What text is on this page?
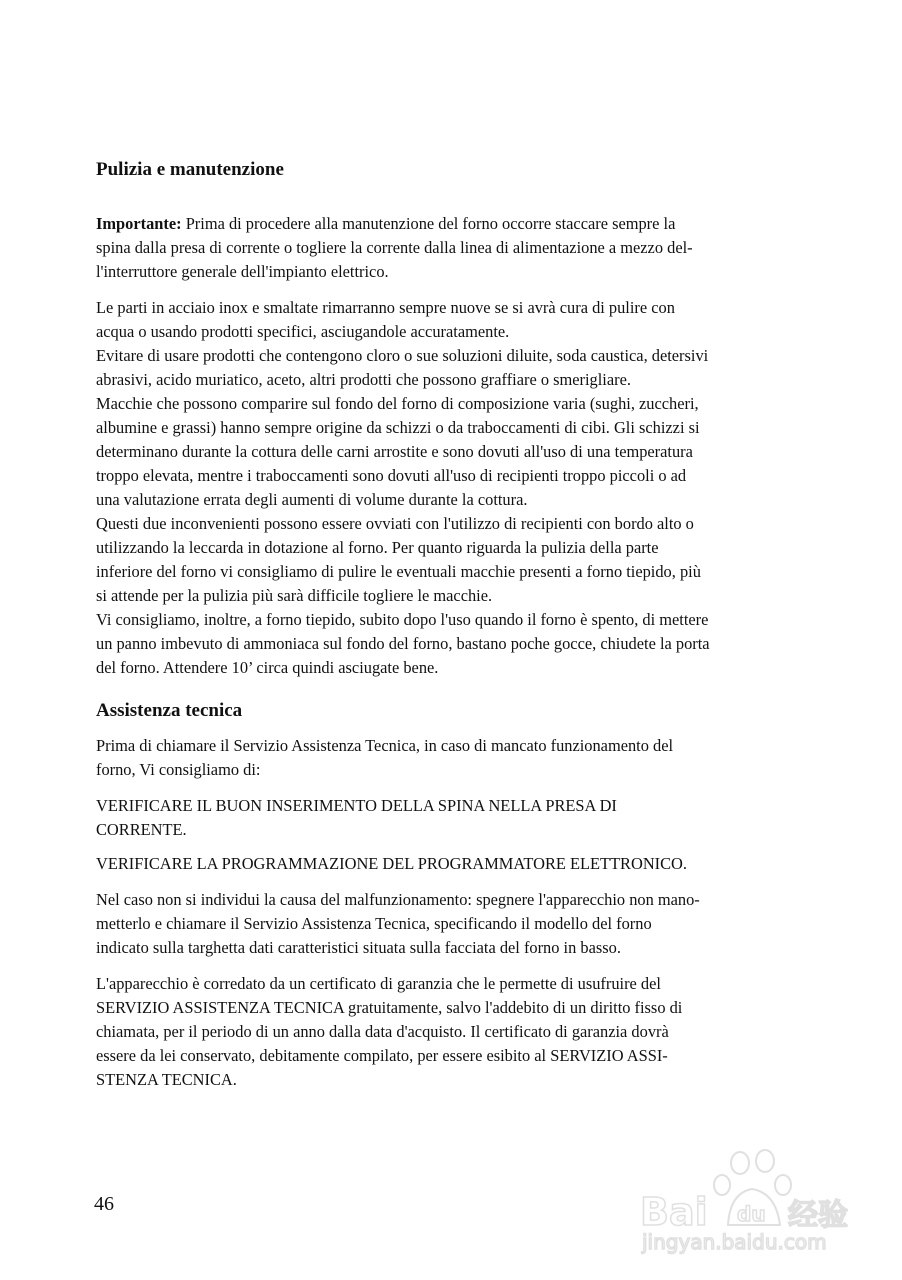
Pulizia e manutenzione
Importante: Prima di procedere alla manutenzione del forno occorre staccare sempre la
spina dalla presa di corrente o togliere la corrente dalla linea di alimentazione a mezzo del-
l'interruttore generale dell'impianto elettrico.
Le parti in acciaio inox e smaltate rimarranno sempre nuove se si avrà cura di pulire con
acqua o usando prodotti specifici, asciugandole accuratamente.
Evitare di usare prodotti che contengono cloro o sue soluzioni diluite, soda caustica, detersivi
abrasivi, acido muriatico, aceto, altri prodotti che possono graffiare o smerigliare.
Macchie che possono comparire sul fondo del forno di composizione varia (sughi, zuccheri,
albumine e grassi) hanno sempre origine da schizzi o da traboccamenti di cibi. Gli schizzi si
determinano durante la cottura delle carni arrostite e sono dovuti all'uso di una temperatura
troppo elevata, mentre i traboccamenti sono dovuti all'uso di recipienti troppo piccoli o ad
una valutazione errata degli aumenti di volume durante la cottura.
Questi due inconvenienti possono essere ovviati con l'utilizzo di recipienti con bordo alto o
utilizzando la leccarda in dotazione al forno. Per quanto riguarda la pulizia della parte
inferiore del forno vi consigliamo di pulire le eventuali macchie presenti a forno tiepido, più
si attende per la pulizia più sarà difficile togliere le macchie.
Vi consigliamo, inoltre, a forno tiepido, subito dopo l'uso quando il forno è spento, di mettere
un panno imbevuto di ammoniaca sul fondo del forno, bastano poche gocce, chiudete la porta
del forno. Attendere 10’ circa quindi asciugate bene.
Assistenza tecnica
Prima di chiamare il Servizio Assistenza Tecnica, in caso di mancato funzionamento del
forno, Vi consigliamo di:
VERIFICARE IL BUON INSERIMENTO DELLA SPINA NELLA PRESA DI
CORRENTE.
VERIFICARE LA PROGRAMMAZIONE DEL PROGRAMMATORE ELETTRONICO.
Nel caso non si individui la causa del malfunzionamento: spegnere l'apparecchio non mano-
metterlo e chiamare il Servizio Assistenza Tecnica, specificando il modello del forno
indicato sulla targhetta dati caratteristici situata sulla facciata del forno in basso.
L'apparecchio è corredato da un certificato di garanzia che le permette di usufruire del
SERVIZIO ASSISTENZA TECNICA gratuitamente, salvo l'addebito di un diritto fisso di
chiamata, per il periodo di un anno dalla data d'acquisto. Il certificato di garanzia dovrà
essere da lei conservato, debitamente compilato, per essere esibito al SERVIZIO ASSI-
STENZA TECNICA.
46	Bai du 经验
jingyan.baidu.com
